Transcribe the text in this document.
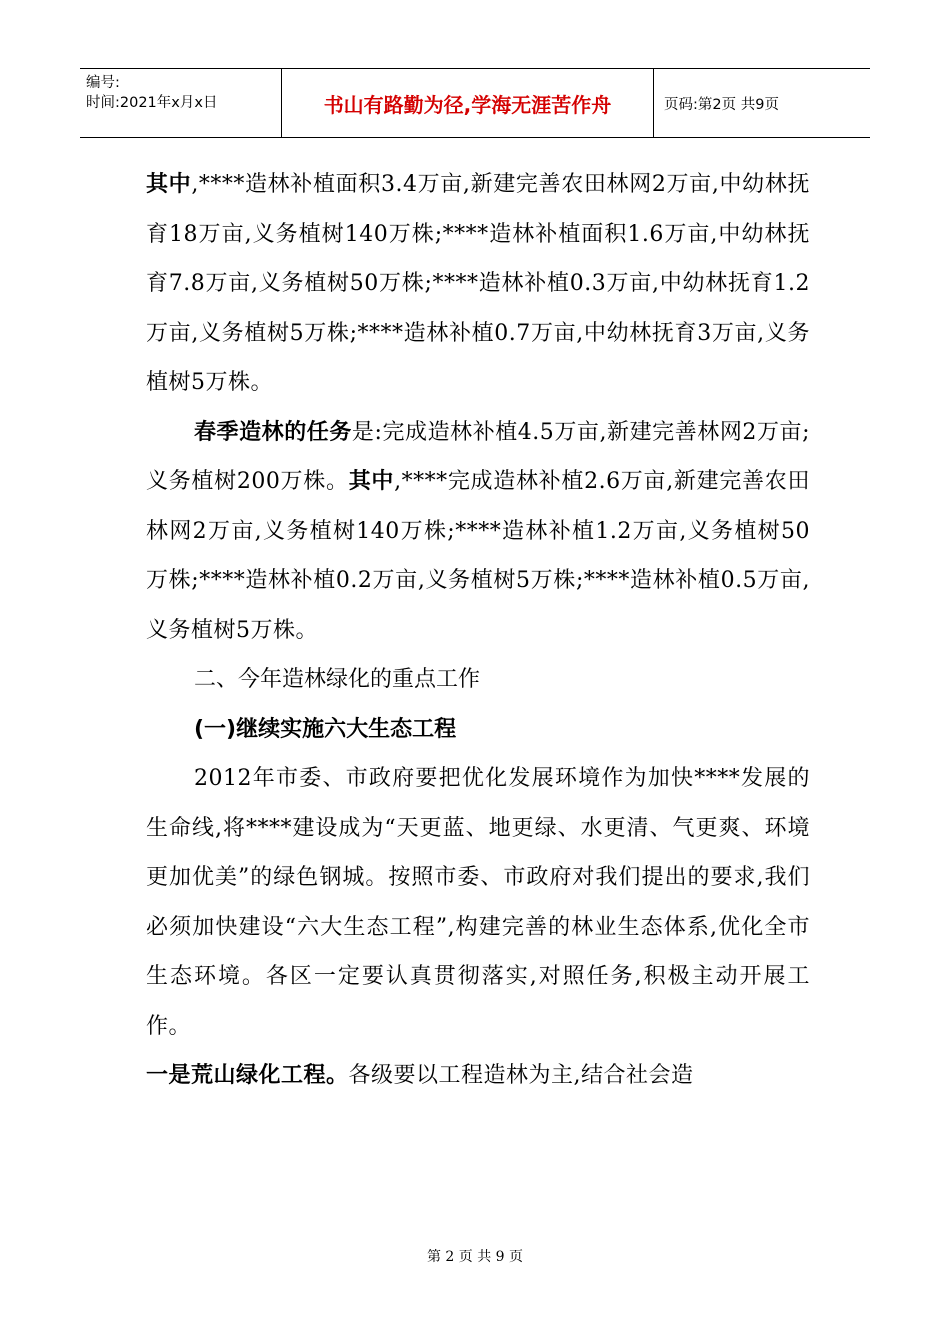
编号:
时间:2021年x月x日	书山有路勤为径,学海无涯苦作舟	页码:第2页 共9页

其中,****造林补植面积3.4万亩,新建完善农田林网2万亩,中幼林抚育18万亩,义务植树140万株;****造林补植面积1.6万亩,中幼林抚育7.8万亩,义务植树50万株;****造林补植0.3万亩,中幼林抚育1.2万亩,义务植树5万株;****造林补植0.7万亩,中幼林抚育3万亩,义务植树5万株。

春季造林的任务是:完成造林补植4.5万亩,新建完善林网2万亩;义务植树200万株。其中,****完成造林补植2.6万亩,新建完善农田林网2万亩,义务植树140万株;****造林补植1.2万亩,义务植树50万株;****造林补植0.2万亩,义务植树5万株;****造林补植0.5万亩,义务植树5万株。

二、今年造林绿化的重点工作

(一)继续实施六大生态工程

2012年市委、市政府要把优化发展环境作为加快****发展的生命线,将****建设成为“天更蓝、地更绿、水更清、气更爽、环境更加优美”的绿色钢城。按照市委、市政府对我们提出的要求,我们必须加快建设“六大生态工程”,构建完善的林业生态体系,优化全市生态环境。各区一定要认真贯彻落实,对照任务,积极主动开展工作。

一是荒山绿化工程。各级要以工程造林为主,结合社会造

第 2 页 共 9 页
